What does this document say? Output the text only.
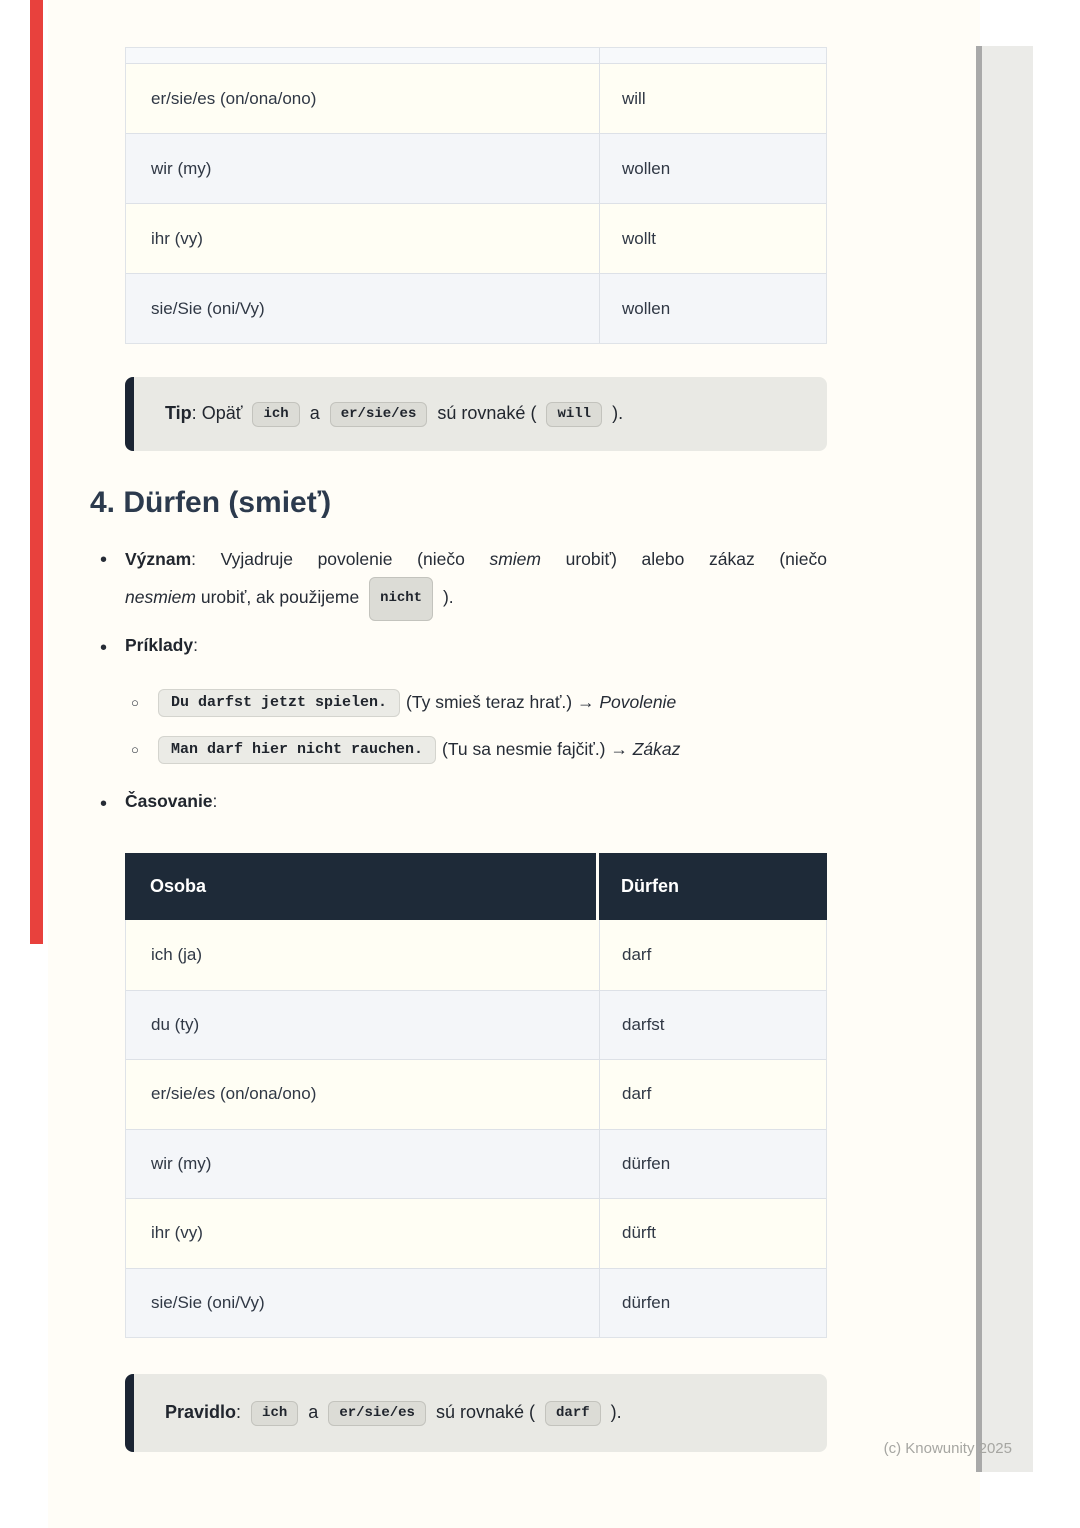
er/sie/es (on/ona/ono)	will
wir (my)	wollen
ihr (vy)	wollt
sie/Sie (oni/Vy)	wollen
Tip: Opäť ich a er/sie/es sú rovnaké ( will ).
4. Dürfen (smieť)
• Význam: Vyjadruje povolenie (niečo smiem urobiť) alebo zákaz (niečo
nesmiem urobiť, ak použijeme nicht ).
• Príklady:
○	Du darfst jetzt spielen. (Ty smieš teraz hrať.) → Povolenie
○	Man darf hier nicht rauchen. (Tu sa nesmie fajčiť.) → Zákaz
• Časovanie:
Osoba	Dürfen
ich (ja)	darf
du (ty)	darfst
er/sie/es (on/ona/ono)	darf
wir (my)	dürfen
ihr (vy)	dürft
sie/Sie (oni/Vy)	dürfen
Pravidlo: ich a er/sie/es sú rovnaké ( darf ).
(c) Knowunity 2025
